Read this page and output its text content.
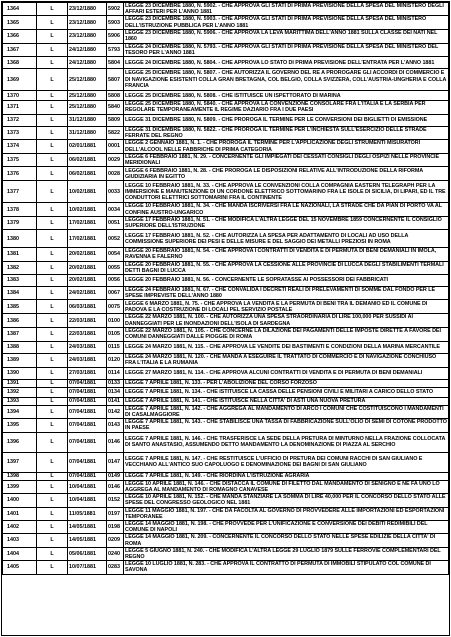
1364	L	23/12/1880	5902	LEGGE 23 DICEMBRE 1880, N. 5902. - CHE APPROVA GLI STATI DI PRIMA PREVISIONE DELLA SPESA DEL MINISTERO DEGLI AFFARI ESTERI PER L'ANNO 1881
1365	L	23/12/1880	5903	LEGGE 23 DICEMBRE 1880, N. 5903. - CHE APPROVA GLI STATI DI PRIMA PREVISIONE DELLA SPESA DEL MINISTERO DELL'ISTRUZIONE PUBBLICA PER L'ANNO 1881
1366	L	23/12/1880	5906	LEGGE 23 DICEMBRE 1880, N. 5906. - CHE APPROVA LA LEVA MARITTIMA DELL'ANNO 1881 SULLA CLASSE DEI NATI NEL 1860
1367	L	24/12/1880	5793	LEGGE 24 DICEMBRE 1880, N. 5793. - CHE APPROVA GLI STATI DI PRIMA PREVISIONE DELLA SPESA DEL MINISTERO DEL TESORO PER L'ANNO 1881
1368	L	24/12/1880	5804	LEGGE 24 DICEMBRE 1880, N. 5804. - CHE APPROVA LO STATO DI PRIMA PREVISIONE DELL'ENTRATA PER L'ANNO 1881
1369	L	25/12/1880	5807	LEGGE 25 DICEMBRE 1880, N. 5807. - CHE AUTORIZZA IL GOVERNO DEL RE A PROROGARE GLI ACCORDI DI COMMERCIO E DI NAVIGAZIONE ESISTENTI COLLA GRAN BRETAGNA, COL BELGIO, COLLA SVIZZERA, COLL'AUSTRIA-UNGHERIA E COLLA FRANCIA
1370	L	25/12/1880	5808	LEGGE 25 DICEMBRE 1880, N. 5808. - CHE ISTITUISCE UN ISPETTORATO DI MARINA
1371	L	25/12/1880	5840	LEGGE 25 DICEMBRE 1880, N. 5840. - CHE APPROVA LA CONVENZIONE CONSOLARE FRA L'ITALIA E LA SERBIA PER REGOLARE TEMPORANEAMENTE IL REGIME DAZIARIO FRA I DUE PAESI
1372	L	31/12/1880	5809	LEGGE 31 DICEMBRE 1880, N. 5809. - CHE PROROGA IL TERMINE PER LE CONVERSIONI DEI BIGLIETTI DI EMISSIONE
1373	L	31/12/1880	5822	LEGGE 31 DICEMBRE 1880, N. 5822. - CHE PROROGA IL TERMINE PER L'INCHIESTA SULL'ESERCIZIO DELLE STRADE FERRATE DEL REGNO
1374	L	02/01/1881	0001	LEGGE 2 GENNAIO 1881, N. 1. - CHE PROROGA IL TERMINE PER L'APPLICAZIONE DEGLI STRUMENTI MISURATORI DELL'ALCOOL NELLE FABBRICHE DI PRIMA CATEGORIA
1375	L	06/02/1881	0029	LEGGE 6 FEBBRAIO 1881, N. 29. - CONCERNENTE GLI IMPIEGATI DEI CESSATI CONSIGLI DEGLI OSPIZI NELLE PROVINCIE MERIDIONALI
1376	L	06/02/1881	0028	LEGGE 6 FEBBRAIO 1881, N. 28. - CHE PROROGA LE DISPOSIZIONI RELATIVE ALL'INTRODUZIONE DELLA RIFORMA GIUDIZIARIA IN EGITTO
1377	L	10/02/1881	0033	LEGGE 10 FEBBRAIO 1881, N. 33. - CHE APPROVA LE CONVENZIONI COLLA COMPAGNIA EASTERN TELEGRAPH PER LA IMMERSIONE E MANUTENZIONE DI UN CORDONE ELETTRICO SOTTOMARINO FRA LE ISOLE DI SICILIA, DI LIPARI, ED IL TRE CONDUTTORI ELETTRICI SOTTOMARINI FRA IL CONTINENTE
1378	L	10/02/1881	0034	LEGGE 10 FEBBRAIO 1881, N. 34. - CHE MANDA ISCRIVERSI FRA LE NAZIONALI, LA STRADE CHE DA PIAN DI PORTO VA AL CONFINE AUSTRO-UNGARICO
1379	L	17/02/1881	0051	LEGGE 17 FEBBRAIO 1881, N. 51. - CHE MODIFICA L'ALTRA LEGGE DEL 15 NOVEMBRE 1859 CONCERNENTE IL CONSIGLIO SUPERIORE DELL'ISTRUZIONE
1380	L	17/02/1881	0052	LEGGE 17 FEBBRAIO 1881, N. 52. - CHE AUTORIZZA LA SPESA PER ADATTAMENTO DI LOCALI AD USO DELLA COMMISSIONE SUPERIORE DEI PESI E DELLE MISURE E DEL SAGGIO DEI METALLI PREZIOSI IN ROMA
1381	L	20/02/1881	0054	LEGGE 20 FEBBRAIO 1881, N. 54. - CHE APPROVA I CONTRATTI DI VENDITA E DI PERMUTA DI BENI DEMANIALI IN IMOLA, RAVENNA E FALERNO
1382	L	20/02/1881	0055	LEGGE 20 FEBBRAIO 1881, N. 55. - CHE APPROVA LA CESSIONE ALLE PROVINCIE DI LUCCA DEGLI STABILIMENTI TERMALI DETTI BAGNI DI LUCCA
1383	L	20/02/1881	0056	LEGGE 20 FEBBRAIO 1881, N. 56. - CONCERNENTE LE SOPRATASSE AI POSSESSORI DEI FABBRICATI
1384	L	24/02/1881	0067	LEGGE 24 FEBBRAIO 1881, N. 67. - CHE CONVALIDA I DECRETI REALI DI PRELEVAMENTI DI SOMME DAL FONDO PER LE SPESE IMPREVISTE DELL'ANNO 1880
1385	L	06/03/1881	0075	LEGGE 6 MARZO 1881, N. 75. - CHE APPROVA LA VENDITA E LA PERMUTA DI BENI TRA IL DEMANIO ED IL COMUNE DI PADOVA E LA COSTRUZIONE DI LOCALI PEL SERVIZIO POSTALE
1386	L	22/03/1881	0100	LEGGE 22 MARZO 1881, N. 100. - CHE AUTORIZZA UNA SPESA STRAORDINARIA DI LIRE 100,000 PER SUSSIDI AI DANNEGGIATI PER LE INONDAZIONI DELL'ISOLA DI SARDEGNA
1387	L	22/03/1881	0105	LEGGE 22 MARZO 1881, N. 105. - CHE CONCERNE LA DILAZIONE DEI PAGAMENTI DELLE IMPOSTE DIRETTE A FAVORE DEI COMUNI DANNEGGIATI DALLE PIOGGIE DI ROMA
1388	L	24/03/1881	0115	LEGGE 24 MARZO 1881, N. 115. - CHE APPROVA LE VENDITE DEI BASTIMENTI E CONDIZIONI DELLA MARINA MERCANTILE
1389	L	24/03/1881	0120	LEGGE 24 MARZO 1881, N. 120. - CHE MANDA A ESEGUIRE IL TRATTATO DI COMMERCIO E DI NAVIGAZIONE CONCHIUSO FRA L'ITALIA E LA RUMANIA
1390	L	27/03/1881	0114	LEGGE 27 MARZO 1881, N. 114. - CHE APPROVA ALCUNI CONTRATTI DI VENDITA E DI PERMUTA DI BENI DEMANIALI
1391	L	07/04/1881	0133	LEGGE 7 APRILE 1881, N. 133. - PER L'ABOLIZIONE DEL CORSO FORZOSO
1392	L	07/04/1881	0134	LEGGE 7 APRILE 1881, N. 134. - CHE ISTITUISCE LA CASSA DELLE PENSIONI CIVILI E MILITARI A CARICO DELLO STATO
1393	L	07/04/1881	0141	LEGGE 7 APRILE 1881, N. 141. - CHE ISTITUISCE NELLA CITTA' DI ASTI UNA NUOVA PRETURA
1394	L	07/04/1881	0142	LEGGE 7 APRILE 1881, N. 142. - CHE AGGREGA AL MANDAMENTO DI ARCO I COMUNI CHE COSTITUISCONO I MANDAMENTI DI CASALMAGGIORE
1395	L	07/04/1881	0143	LEGGE 7 APRILE 1881, N. 143. - CHE STABILISCE UNA TASSA DI FABBRICAZIONE SULL'OLIO DI SEMI DI COTONE PRODOTTO IN PAESE
1396	L	07/04/1881	0146	LEGGE 7 APRILE 1881, N. 146. - CHE TRASFERISCE LA SEDE DELLA PRETURA DI MINTURNO NELLA FRAZIONE COLLOCATA DI SANTO ANASTASIO, ASSUMENDO DETTO MANDAMENTO LA DENOMINAZIONE DI PIAZZA AL SERCHIO
1397	L	07/04/1881	0147	LEGGE 7 APRILE 1881, N. 147. - CHE RESTITUISCE L'UFFICIO DI PRETURA DEI COMUNI RACCHI DI SAN GIULIANO E VECCHIANO ALL'ANTICO SUO CAPOLUOGO E DENOMINAZIONE DEI BAGNI DI SAN GIULIANO
1398	L	07/04/1881	0149	LEGGE 7 APRILE 1881, N. 149. - CHE RIORDINA L'ISTRUZIONE AGRARIA
1399	L	10/04/1881	0146	LEGGE 10 APRILE 1881, N. 146. - CHE DISTACCA IL COMUNE DI FILETTO DAL MANDAMENTO DI SENIGNO E NE FA UNO LO AGGREGA AL MANDAMENTO DI ROMAGNO CANAVESE
1400	L	10/04/1881	0152	LEGGE 10 APRILE 1881, N. 152. - CHE MANDA STANZIARE LA SOMMA DI LIRE 40,000 PER IL CONCORSO DELLO STATO ALLE SPESE DEL CONGRESSO GEOLOGICO NEL 1881
1401	L	11/05/1881	0197	LEGGE 11 MAGGIO 1881, N. 197. - CHE DA FACOLTA AL GOVERNO DI PROVVEDERE ALLE IMPORTAZIONI ED ESPORTAZIONI TEMPORANEE
1402	L	14/05/1881	0198	LEGGE 14 MAGGIO 1881, N. 198. - CHE PROVVEDE PER L'UNIFICAZIONE E CONVERSIONE DEI DEBITI REDIMIBILI DEL COMUNE DI NAPOLI
1403	L	14/05/1881	0209	LEGGE 14 MAGGIO 1881, N. 209. - CONCERNENTE IL CONCORSO DELLO STATO NELLE SPESE EDILIZIE DELLA CITTA' DI ROMA
1404	L	05/06/1881	0240	LEGGE 5 GIUGNO 1881, N. 240. - CHE MODIFICA L'ALTRA LEGGE 29 LUGLIO 1879 SULLE FERROVIE COMPLEMENTARI DEL REGNO
1405	L	10/07/1881	0283	LEGGE 10 LUGLIO 1881, N. 283. - CHE APPROVA IL CONTRATTO DI PERMUTA DI IMMOBILI STIPULATO COL COMUNE DI SAVONA
